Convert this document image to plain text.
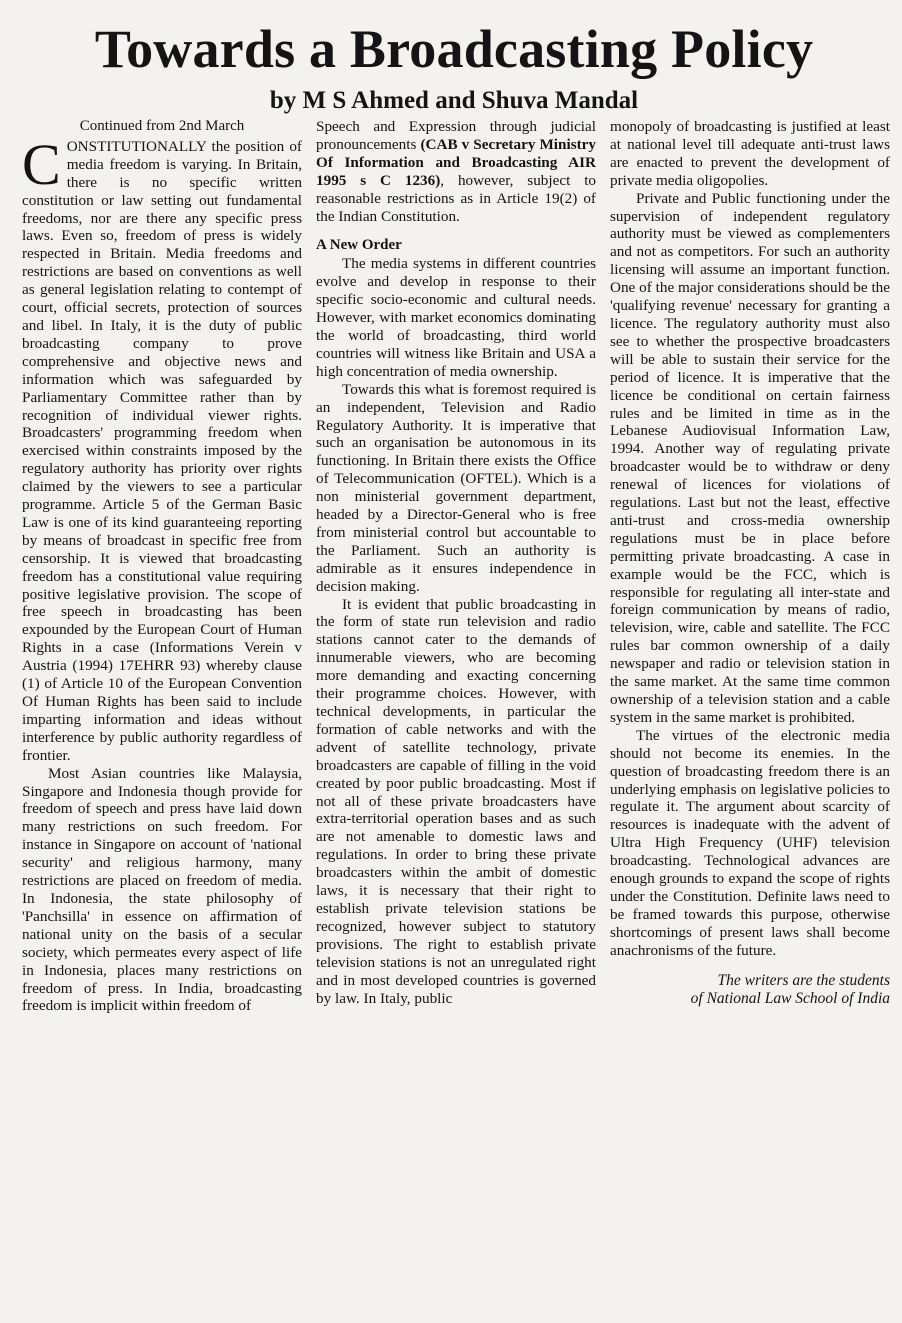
Towards a Broadcasting Policy
by M S Ahmed and Shuva Mandal
Continued from 2nd March

CONSTITUTIONALLY the position of media freedom is varying. In Britain, there is no specific written constitution or law setting out fundamental freedoms, nor are there any specific press laws. Even so, freedom of press is widely respected in Britain. Media freedoms and restrictions are based on conventions as well as general legislation relating to contempt of court, official secrets, protection of sources and libel. In Italy, it is the duty of public broadcasting company to prove comprehensive and objective news and information which was safeguarded by Parliamentary Committee rather than by recognition of individual viewer rights. Broadcasters' programming freedom when exercised within constraints imposed by the regulatory authority has priority over rights claimed by the viewers to see a particular programme. Article 5 of the German Basic Law is one of its kind guaranteeing reporting by means of broadcast in specific free from censorship. It is viewed that broadcasting freedom has a constitutional value requiring positive legislative provision. The scope of free speech in broadcasting has been expounded by the European Court of Human Rights in a case (Informations Verein v Austria (1994) 17EHRR 93) whereby clause (1) of Article 10 of the European Convention Of Human Rights has been said to include imparting information and ideas without interference by public authority regardless of frontier.

Most Asian countries like Malaysia, Singapore and Indonesia though provide for freedom of speech and press have laid down many restrictions on such freedom. For instance in Singapore on account of 'national security' and religious harmony, many restrictions are placed on freedom of media. In Indonesia, the state philosophy of 'Panchsilla' in essence on affirmation of national unity on the basis of a secular society, which permeates every aspect of life in Indonesia, places many restrictions on freedom of press. In India, broadcasting freedom is implicit within freedom of

Speech and Expression through judicial pronouncements (CAB v Secretary Ministry Of Information and Broadcasting AIR 1995 s C 1236), however, subject to reasonable restrictions as in Article 19(2) of the Indian Constitution.

A New Order

The media systems in different countries evolve and develop in response to their specific socio-economic and cultural needs. However, with market economics dominating the world of broadcasting, third world countries will witness like Britain and USA a high concentration of media ownership.

Towards this what is foremost required is an independent, Television and Radio Regulatory Authority. It is imperative that such an organisation be autonomous in its functioning. In Britain there exists the Office of Telecommunication (OFTEL). Which is a non ministerial government department, headed by a Director-General who is free from ministerial control but accountable to the Parliament. Such an authority is admirable as it ensures independence in decision making.

It is evident that public broadcasting in the form of state run television and radio stations cannot cater to the demands of innumerable viewers, who are becoming more demanding and exacting concerning their programme choices. However, with technical developments, in particular the formation of cable networks and with the advent of satellite technology, private broadcasters are capable of filling in the void created by poor public broadcasting. Most if not all of these private broadcasters have extra-territorial operation bases and as such are not amenable to domestic laws and regulations. In order to bring these private broadcasters within the ambit of domestic laws, it is necessary that their right to establish private television stations be recognized, however subject to statutory provisions. The right to establish private television stations is not an unregulated right and in most developed countries is governed by law. In Italy, public

monopoly of broadcasting is justified at least at national level till adequate anti-trust laws are enacted to prevent the development of private media oligopolies.

Private and Public functioning under the supervision of independent regulatory authority must be viewed as complementers and not as competitors. For such an authority licensing will assume an important function. One of the major considerations should be the 'qualifying revenue' necessary for granting a licence. The regulatory authority must also see to whether the prospective broadcasters will be able to sustain their service for the period of licence. It is imperative that the licence be conditional on certain fairness rules and be limited in time as in the Lebanese Audiovisual Information Law, 1994. Another way of regulating private broadcaster would be to withdraw or deny renewal of licences for violations of regulations. Last but not the least, effective anti-trust and cross-media ownership regulations must be in place before permitting private broadcasting. A case in example would be the FCC, which is responsible for regulating all inter-state and foreign communication by means of radio, television, wire, cable and satellite. The FCC rules bar common ownership of a daily newspaper and radio or television station in the same market. At the same time common ownership of a television station and a cable system in the same market is prohibited.

The virtues of the electronic media should not become its enemies. In the question of broadcasting freedom there is an underlying emphasis on legislative policies to regulate it. The argument about scarcity of resources is inadequate with the advent of Ultra High Frequency (UHF) television broadcasting. Technological advances are enough grounds to expand the scope of rights under the Constitution. Definite laws need to be framed towards this purpose, otherwise shortcomings of present laws shall become anachronisms of the future.

The writers are the students
of National Law School of India
